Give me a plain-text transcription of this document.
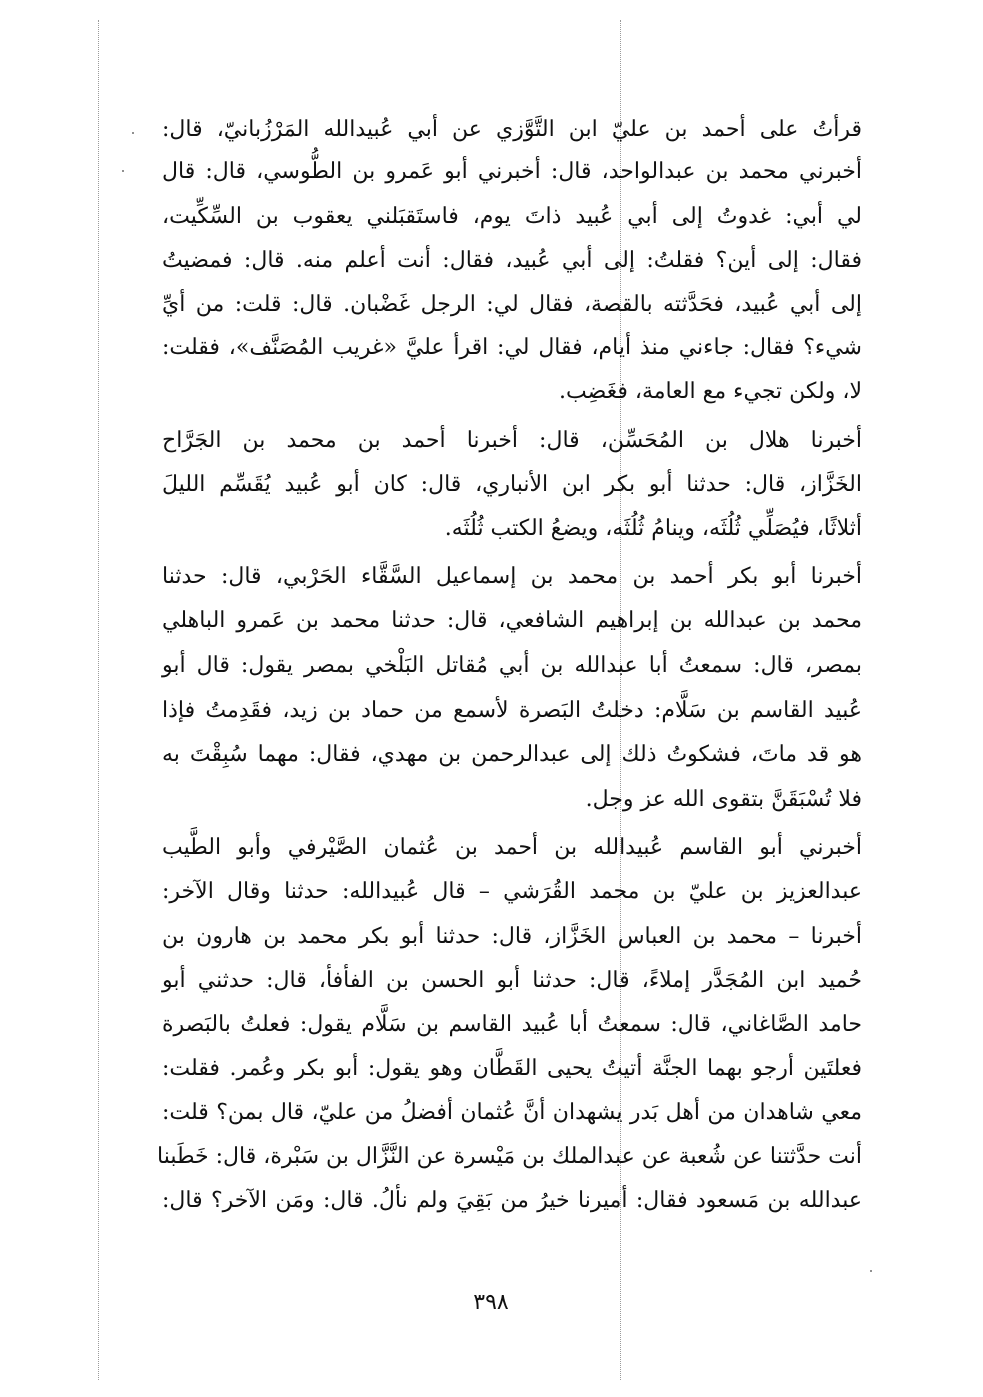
قرأتُ على أحمد بن عليّ ابن التَّوَّزي عن أبي عُبيدالله المَرْزُبانيّ، قال:
أخبرني محمد بن عبدالواحد، قال: أخبرني أبو عَمرو بن الطُّوسي، قال: قال
لي أبي: غدوتُ إلى أبي عُبيد ذاتَ يوم، فاستَقبَلني يعقوب بن السِّكِّيت،
فقال: إلى أين؟ فقلتُ: إلى أبي عُبيد، فقال: أنت أعلم منه. قال: فمضيتُ
إلى أبي عُبيد، فحَدَّثته بالقصة، فقال لي: الرجل غَضْبان. قال: قلت: من أيِّ
شيء؟ فقال: جاءني منذ أيام، فقال لي: اقرأ عليَّ «غريب المُصَنَّف»، فقلت:
لا، ولكن تجيء مع العامة، فغَضِب.
أخبرنا هلال بن المُحَسِّن، قال: أخبرنا أحمد بن محمد بن الجَرَّاح
الخَزَّاز، قال: حدثنا أبو بكر ابن الأنباري، قال: كان أبو عُبيد يُقَسِّم الليلَ
أثلاثًا، فيُصَلِّي ثُلُثَه، وينامُ ثُلُثَه، ويضعُ الكتب ثُلُثَه.
أخبرنا أبو بكر أحمد بن محمد بن إسماعيل السَّقَّاء الحَرْبي، قال: حدثنا
محمد بن عبدالله بن إبراهيم الشافعي، قال: حدثنا محمد بن عَمرو الباهلي
بمصر، قال: سمعتُ أبا عبدالله بن أبي مُقاتل البَلْخي بمصر يقول: قال أبو
عُبيد القاسم بن سَلَّام: دخلتُ البَصرة لأسمع من حماد بن زيد، فقَدِمتُ فإذا
هو قد ماتَ، فشكوتُ ذلك إلى عبدالرحمن بن مهدي، فقال: مهما سُبِقْتَ به
فلا تُسْبَقَنَّ بتقوى الله عز وجل.
أخبرني أبو القاسم عُبيدالله بن أحمد بن عُثمان الصَّيْرفي وأبو الطَّيب
عبدالعزيز بن عليّ بن محمد القُرَشي – قال عُبيدالله: حدثنا وقال الآخر:
أخبرنا – محمد بن العباس الخَزَّاز، قال: حدثنا أبو بكر محمد بن هارون بن
حُميد ابن المُجَدَّر إملاءً، قال: حدثنا أبو الحسن بن الفأفأ، قال: حدثني أبو
حامد الصَّاغاني، قال: سمعتُ أبا عُبيد القاسم بن سَلَّام يقول: فعلتُ بالبَصرة
فعلتَين أرجو بهما الجنَّة أتيتُ يحيى القَطَّان وهو يقول: أبو بكر وعُمر. فقلت:
معي شاهدان من أهل بَدر يشهدان أنَّ عُثمان أفضلُ من عليّ، قال بمن؟ قلت:
أنت حدَّثتنا عن شُعبة عن عبدالملك بن مَيْسرة عن النَّزَّال بن سَبْرة، قال: خَطَبنا
عبدالله بن مَسعود فقال: أميرنا خيرُ من بَقِيَ ولم نألُ. قال: ومَن الآخر؟ قال:
٣٩٨
